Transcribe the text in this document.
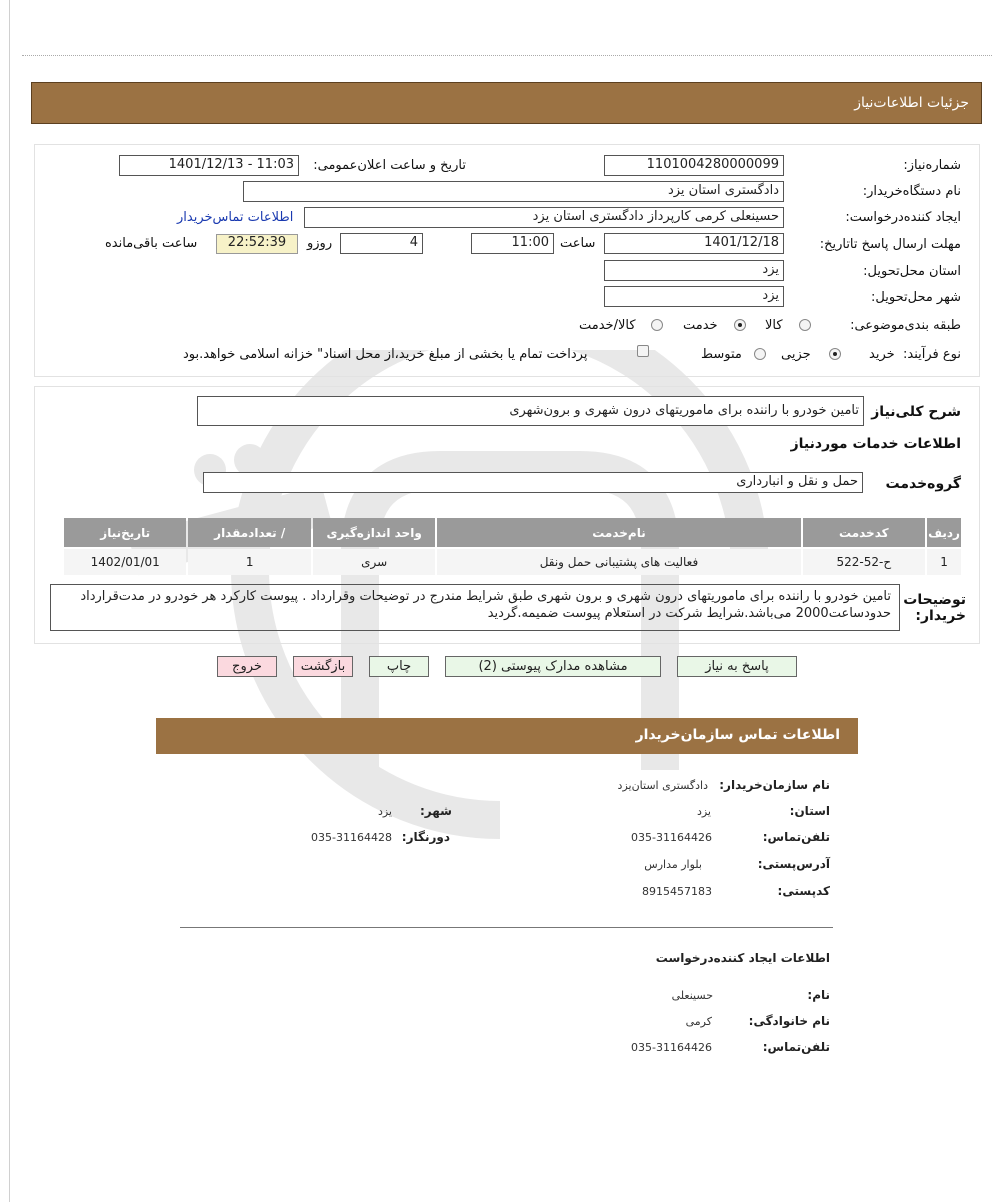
جزئیات اطلاعات‌نیاز
شماره‌نیاز:
1101004280000099
تاریخ و ساعت اعلان‌عمومی:
1401/12/13 - 11:03
نام دستگاه‌خریدار:
دادگستری استان یزد
ایجاد کننده‌درخواست:
حسینعلی کرمی کارپرداز دادگستری استان یزد
اطلاعات تماس‌خریدار
مهلت ارسال پاسخ تا‌تاریخ:
1401/12/18
ساعت
11:00
4
روزو
22:52:39
ساعت باقی‌مانده
استان محل‌تحویل:
یزد
شهر محل‌تحویل:
یزد
طبقه بندی‌موضوعی:
کالا
خدمت
کالا/خدمت
نوع فرآیند:
خرید
جزیی
متوسط
پرداخت تمام یا بخشی از مبلغ خرید،از محل اسناد" خزانه اسلامی خواهد.بود
شرح کلی‌نیاز
تامین خودرو با راننده برای ماموریتهای درون شهری و برون‌شهری
اطلاعات خدمات موردنیاز
گروه‌خدمت
حمل و نقل و انبارداری
ردیف	کدخدمت	نام‌خدمت	واحد اندازه‌گیری	/ تعدادمقدار	تاریخ‌نیاز
1	ح-52-522	فعالیت های پشتیبانی حمل ونقل	سری	1	1402/01/01
توضیحات خریدار:
تامین خودرو با راننده برای ماموریتهای درون شهری و برون شهری طبق شرایط مندرج در توضیحات وقرارداد . پیوست کارکرد هر خودرو در مدت‌قرارداد حدودساعت2000 می‌باشد.شرایط شرکت در استعلام پیوست ضمیمه.گردید
پاسخ به نیاز
مشاهده مدارک پیوستی (2)
چاپ
بازگشت
خروج
اطلاعات تماس سازمان‌خریدار
نام سازمان‌خریدار:
دادگستری استان‌یزد
استان:
یزد
شهر:
یزد
تلفن‌تماس:
035-31164426
دورنگار:
035-31164428
آدرس‌پستی:
بلوار مدارس
کد‌پستی:
8915457183
اطلاعات ایجاد کننده‌درخواست
نام:
حسینعلی
نام خانوادگی:
کرمی
تلفن‌تماس:
035-31164426
